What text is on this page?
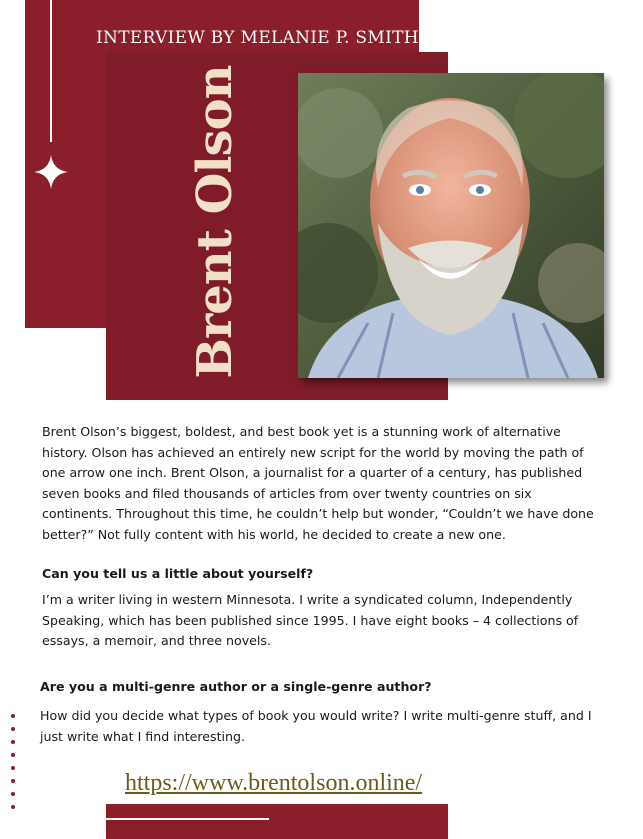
INTERVIEW BY MELANIE P. SMITH
Brent Olson
Brent Olson’s biggest, boldest, and best book yet is a stunning work of alternative history. Olson has achieved an entirely new script for the world by moving the path of one arrow one inch. Brent Olson, a journalist for a quarter of a century, has published seven books and filed thousands of articles from over twenty countries on six continents. Throughout this time, he couldn’t help but wonder, “Couldn’t we have done better?” Not fully content with his world, he decided to create a new one.
Can you tell us a little about yourself?
I’m a writer living in western Minnesota. I write a syndicated column, Independently Speaking, which has been published since 1995. I have eight books – 4 collections of essays, a memoir, and three novels.
Are you a multi-genre author or a single-genre author?
How did you decide what types of book you would write? I write multi-genre stuff, and I just write what I find interesting.
https://www.brentolson.online/
